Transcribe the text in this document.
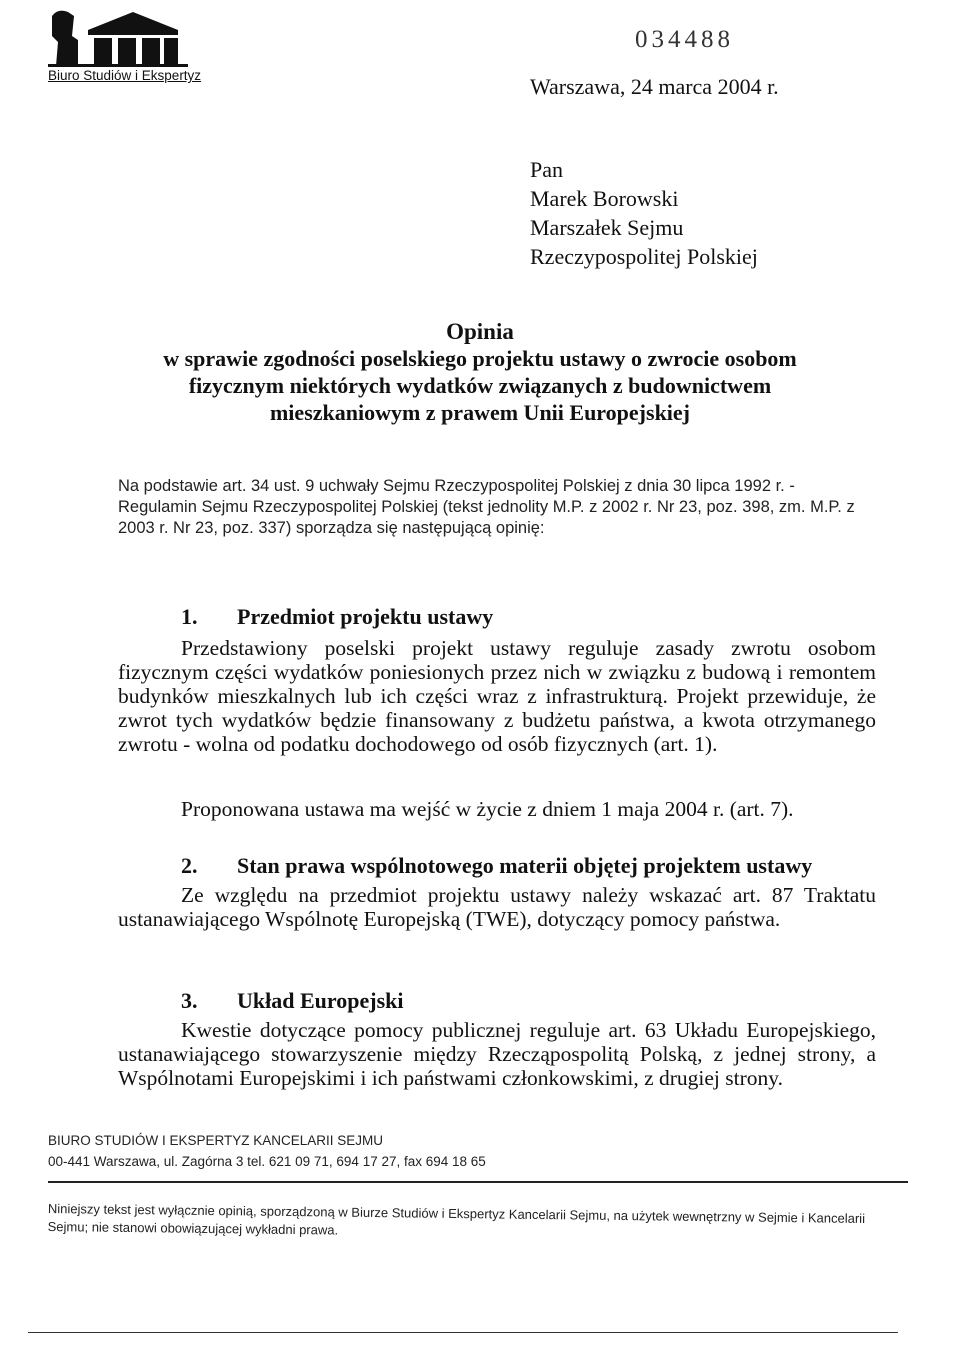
Biuro Studiów i Ekspertyz
034488
Warszawa, 24 marca 2004 r.
Pan
Marek Borowski
Marszałek Sejmu
Rzeczypospolitej Polskiej
Opinia
w sprawie zgodności poselskiego projektu ustawy o zwrocie osobom
fizycznym niektórych wydatków związanych z budownictwem
mieszkaniowym z prawem Unii Europejskiej

Na podstawie art. 34 ust. 9 uchwały Sejmu Rzeczypospolitej Polskiej z dnia 30 lipca 1992 r. - Regulamin Sejmu Rzeczypospolitej Polskiej (tekst jednolity M.P. z 2002 r. Nr 23, poz. 398, zm. M.P. z 2003 r. Nr 23, poz. 337) sporządza się następującą opinię:

1. Przedmiot projektu ustawy

Przedstawiony poselski projekt ustawy reguluje zasady zwrotu osobom fizycznym części wydatków poniesionych przez nich w związku z budową i remontem budynków mieszkalnych lub ich części wraz z infrastrukturą. Projekt przewiduje, że zwrot tych wydatków będzie finansowany z budżetu państwa, a kwota otrzymanego zwrotu - wolna od podatku dochodowego od osób fizycznych (art. 1).

Proponowana ustawa ma wejść w życie z dniem 1 maja 2004 r. (art. 7).
2. Stan prawa wspólnotowego materii objętej projektem ustawy

Ze względu na przedmiot projektu ustawy należy wskazać art. 87 Traktatu ustanawiającego Wspólnotę Europejską (TWE), dotyczący pomocy państwa.

3. Układ Europejski

Kwestie dotyczące pomocy publicznej reguluje art. 63 Układu Europejskiego, ustanawiającego stowarzyszenie między Rzecząpospolitą Polską, z jednej strony, a Wspólnotami Europejskimi i ich państwami członkowskimi, z drugiej strony.

BIURO STUDIÓW I EKSPERTYZ KANCELARII SEJMU
00-441 Warszawa, ul. Zagórna 3 tel. 621 09 71, 694 17 27, fax 694 18 65

Niniejszy tekst jest wyłącznie opinią, sporządzoną w Biurze Studiów i Ekspertyz Kancelarii Sejmu, na użytek wewnętrzny w Sejmie i Kancelarii Sejmu; nie stanowi obowiązującej wykładni prawa.
